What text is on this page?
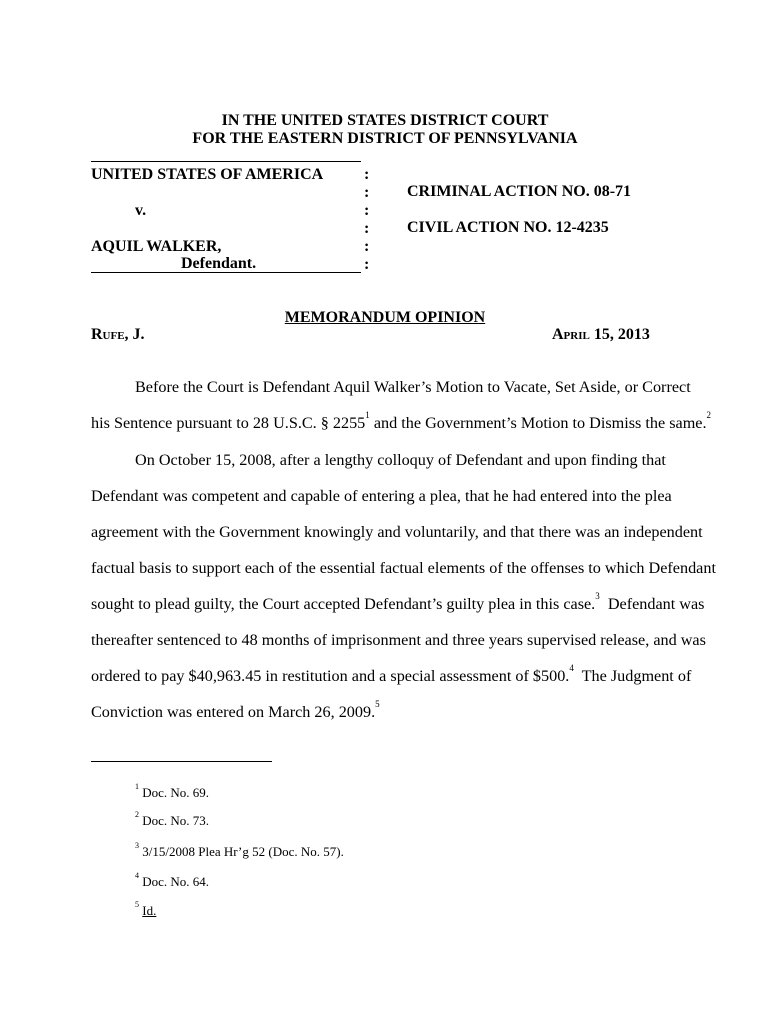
IN THE UNITED STATES DISTRICT COURT
FOR THE EASTERN DISTRICT OF PENNSYLVANIA
UNITED STATES OF AMERICA
v.
AQUIL WALKER,
Defendant.
:
:
:
:
:
:
CRIMINAL ACTION NO. 08-71
CIVIL ACTION NO. 12-4235
MEMORANDUM OPINION
Rufe, J.	April 15, 2013
Before the Court is Defendant Aquil Walker’s Motion to Vacate, Set Aside, or Correct
his Sentence pursuant to 28 U.S.C. § 2255$^1$ and the Government’s Motion to Dismiss the same.$^2$
On October 15, 2008, after a lengthy colloquy of Defendant and upon finding that
Defendant was competent and capable of entering a plea, that he had entered into the plea
agreement with the Government knowingly and voluntarily, and that there was an independent
factual basis to support each of the essential factual elements of the offenses to which Defendant
sought to plead guilty, the Court accepted Defendant’s guilty plea in this case.$^3$  Defendant was
thereafter sentenced to 48 months of imprisonment and three years supervised release, and was
ordered to pay $40,963.45 in restitution and a special assessment of $500.$^4$  The Judgment of
Conviction was entered on March 26, 2009.$^5$
$^1$ Doc. No. 69.
$^2$ Doc. No. 73.
$^3$ 3/15/2008 Plea Hr’g 52 (Doc. No. 57).
$^4$ Doc. No. 64.
$^5$ Id.
